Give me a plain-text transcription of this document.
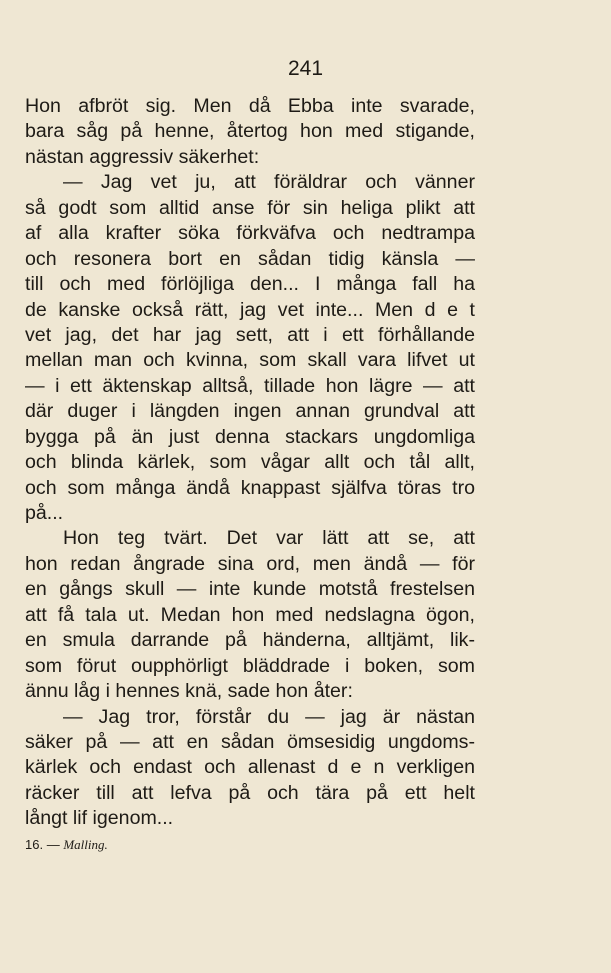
241
Hon afbröt sig. Men då Ebba inte svarade,
bara såg på henne, återtog hon med stigande,
nästan aggressiv säkerhet:
— Jag vet ju, att föräldrar och vänner
så godt som alltid anse för sin heliga plikt att
af alla krafter söka förkväfva och nedtrampa
och resonera bort en sådan tidig känsla —
till och med förlöjliga den... I många fall ha
de kanske också rätt, jag vet inte... Men d e t
vet jag, det har jag sett, att i ett förhållande
mellan man och kvinna, som skall vara lifvet ut
— i ett äktenskap alltså, tillade hon lägre — att
där duger i längden ingen annan grundval att
bygga på än just denna stackars ungdomliga
och blinda kärlek, som vågar allt och tål allt,
och som många ändå knappast själfva töras tro
på...
Hon teg tvärt. Det var lätt att se, att
hon redan ångrade sina ord, men ändå — för
en gångs skull — inte kunde motstå frestelsen
att få tala ut. Medan hon med nedslagna ögon,
en smula darrande på händerna, alltjämt, lik-
som förut oupphörligt bläddrade i boken, som
ännu låg i hennes knä, sade hon åter:
— Jag tror, förstår du — jag är nästan
säker på — att en sådan ömsesidig ungdoms-
kärlek och endast och allenast d e n verkligen
räcker till att lefva på och tära på ett helt
långt lif igenom...
16. — Malling.
